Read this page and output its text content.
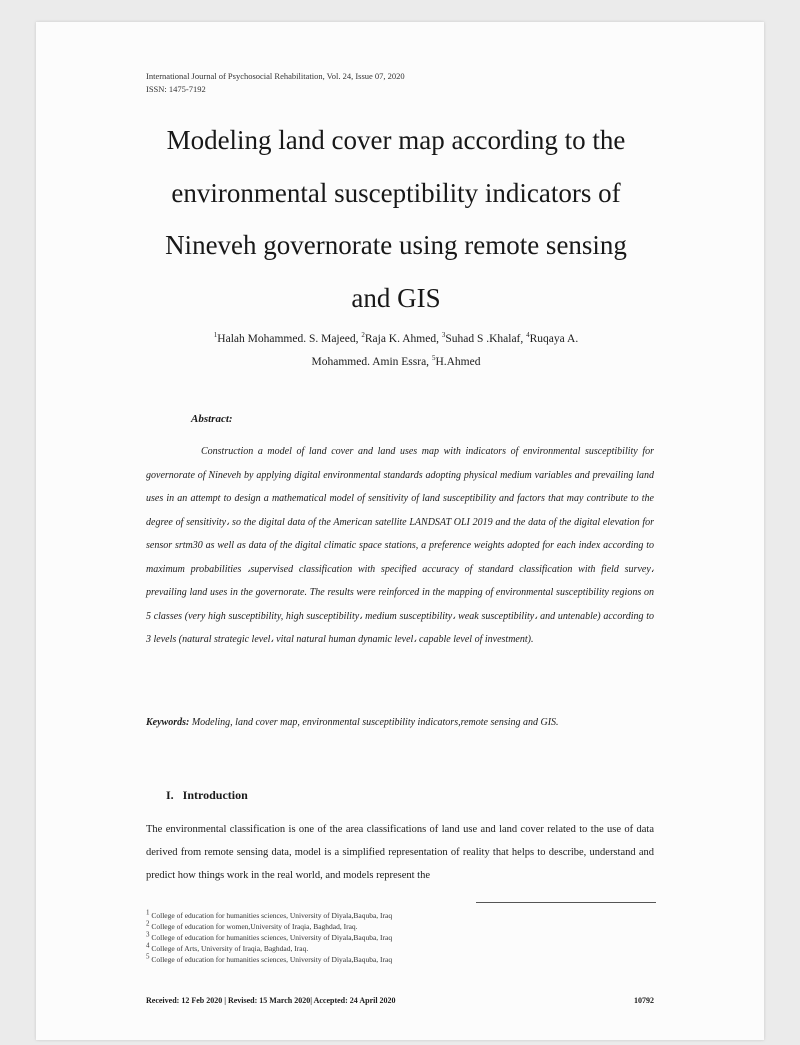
International Journal of Psychosocial Rehabilitation, Vol. 24, Issue 07, 2020
ISSN: 1475-7192
Modeling land cover map according to the
environmental susceptibility indicators of
Nineveh governorate using remote sensing
and GIS
$^1$Halah Mohammed. S. Majeed, $^2$Raja K. Ahmed, $^3$Suhad S .Khalaf, $^4$Ruqaya A.
Mohammed. Amin Essra, $^5$H.Ahmed
Abstract:
Construction a model of land cover and land uses map with indicators of environmental susceptibility for governorate of Nineveh by applying digital environmental standards adopting physical medium variables and prevailing land uses in an attempt to design a mathematical model of sensitivity of land susceptibility and factors that may contribute to the degree of sensitivity، so the digital data of the American satellite LANDSAT OLI 2019 and the data of the digital elevation for sensor srtm30 as well as data of the digital climatic space stations, a preference weights adopted for each index according to maximum probabilities ،supervised classification with specified accuracy of standard classification with field survey، prevailing land uses in the governorate. The results were reinforced in the mapping of environmental susceptibility regions on 5 classes (very high susceptibility, high susceptibility، medium susceptibility، weak susceptibility، and untenable) according to 3 levels (natural strategic level، vital natural human dynamic level، capable level of investment).
Keywords: Modeling, land cover map, environmental susceptibility indicators,remote sensing and GIS.
I. Introduction
The environmental classification is one of the area classifications of land use and land cover related to the use of data derived from remote sensing data, model is a simplified representation of reality that helps to describe, understand and predict how things work in the real world, and models represent the
$^1$ College of education for humanities sciences, University of Diyala,Baquba, Iraq
$^2$ College of education for women,University of Iraqia, Baghdad, Iraq.
$^3$ College of education for humanities sciences, University of Diyala,Baquba, Iraq
$^4$ College of Arts, University of Iraqia, Baghdad, Iraq.
$^5$ College of education for humanities sciences, University of Diyala,Baquba, Iraq
Received: 12 Feb 2020 | Revised: 15 March 2020| Accepted: 24 April 2020	10792
